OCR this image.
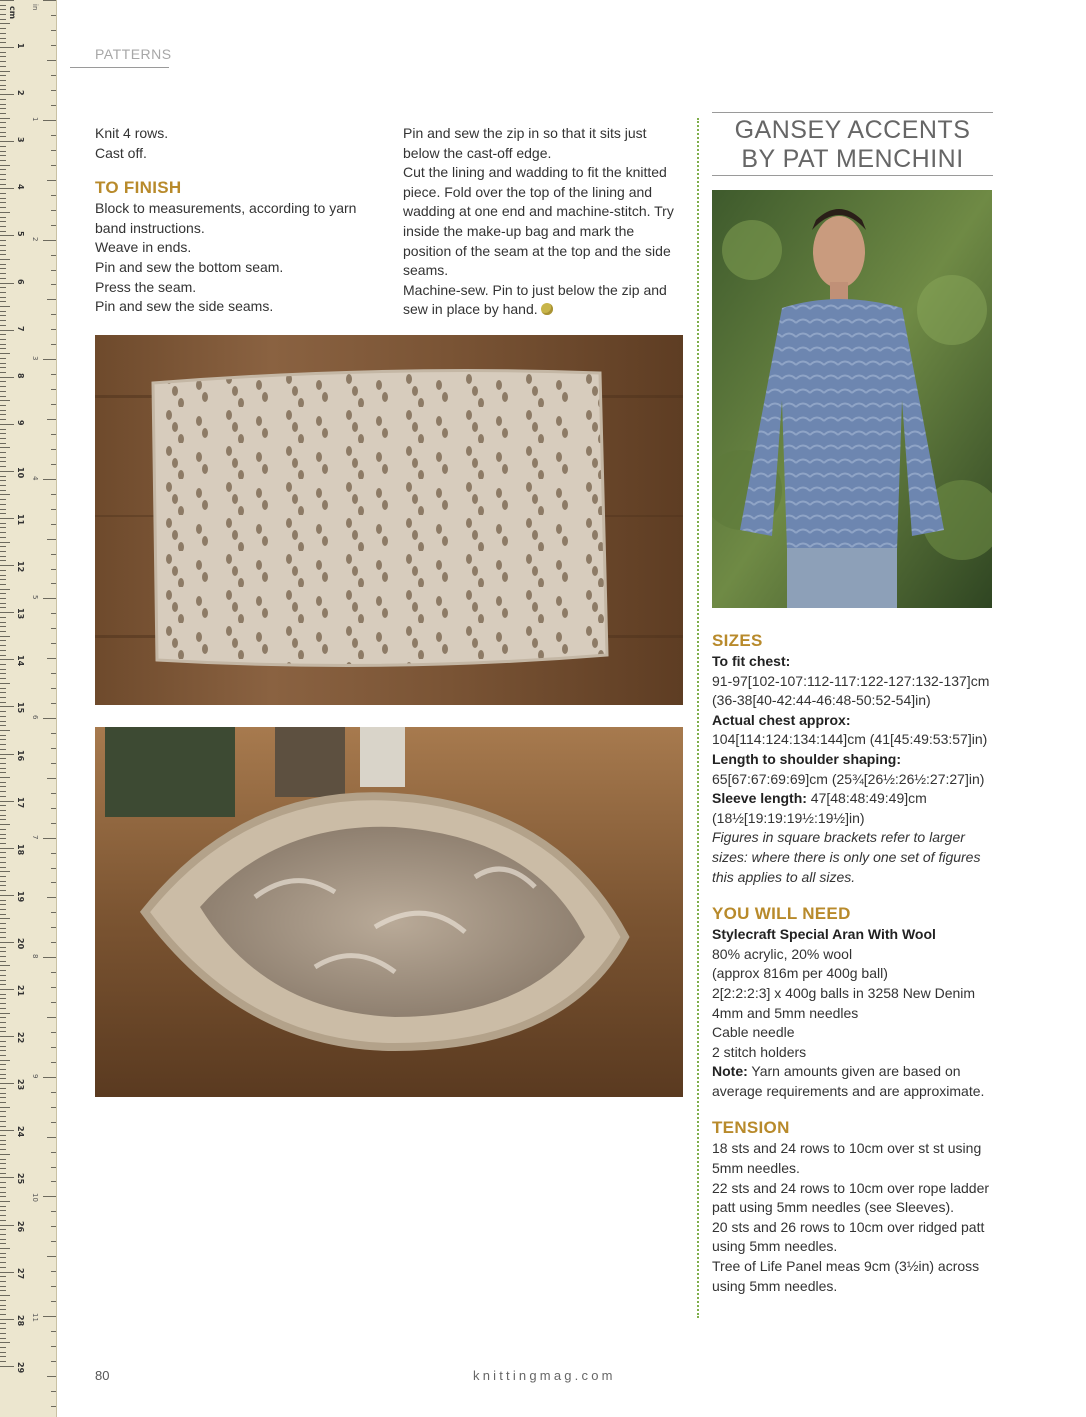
cm in
1
2
3
4
5
6
7
8
9
10
11
12
13
14
15
16
17
18
19
20
21
22
23
24
25
26
27
28
29
1
2
3
4
5
6
7
8
9
10
11
PATTERNS

Knit 4 rows.

Cast off.

TO FINISH

Block to measurements, according to yarn band instructions.

Weave in ends.

Pin and sew the bottom seam.

Press the seam.

Pin and sew the side seams.

Pin and sew the zip in so that it sits just below the cast-off edge.

Cut the lining and wadding to fit the knitted piece. Fold over the top of the lining and wadding at one end and machine-stitch. Try inside the make-up bag and mark the position of the seam at the top and the side seams.

Machine-sew. Pin to just below the zip and sew in place by hand.

GANSEY ACCENTS
BY PAT MENCHINI
SIZES

To fit chest:

91-97[102-107:112-117:122-127:132-137]cm (36-38[40-42:44-46:48-50:52-54]in)

Actual chest approx:

104[114:124:134:144]cm (41[45:49:53:57]in)

Length to shoulder shaping:

65[67:67:69:69]cm (25¾[26½:26½:27:27]in)

Sleeve length: 47[48:48:49:49]cm (18½[19:19:19½:19½]in)

Figures in square brackets refer to larger sizes: where there is only one set of figures this applies to all sizes.

YOU WILL NEED

Stylecraft Special Aran With Wool

80% acrylic, 20% wool

(approx 816m per 400g ball)

2[2:2:2:3] x 400g balls in 3258 New Denim

4mm and 5mm needles

Cable needle

2 stitch holders

Note: Yarn amounts given are based on average requirements and are approximate.

TENSION

18 sts and 24 rows to 10cm over st st using 5mm needles.

22 sts and 24 rows to 10cm over rope ladder patt using 5mm needles (see Sleeves).

20 sts and 26 rows to 10cm over ridged patt using 5mm needles.

Tree of Life Panel meas 9cm (3½in) across using 5mm needles.

80	knittingmag.com
